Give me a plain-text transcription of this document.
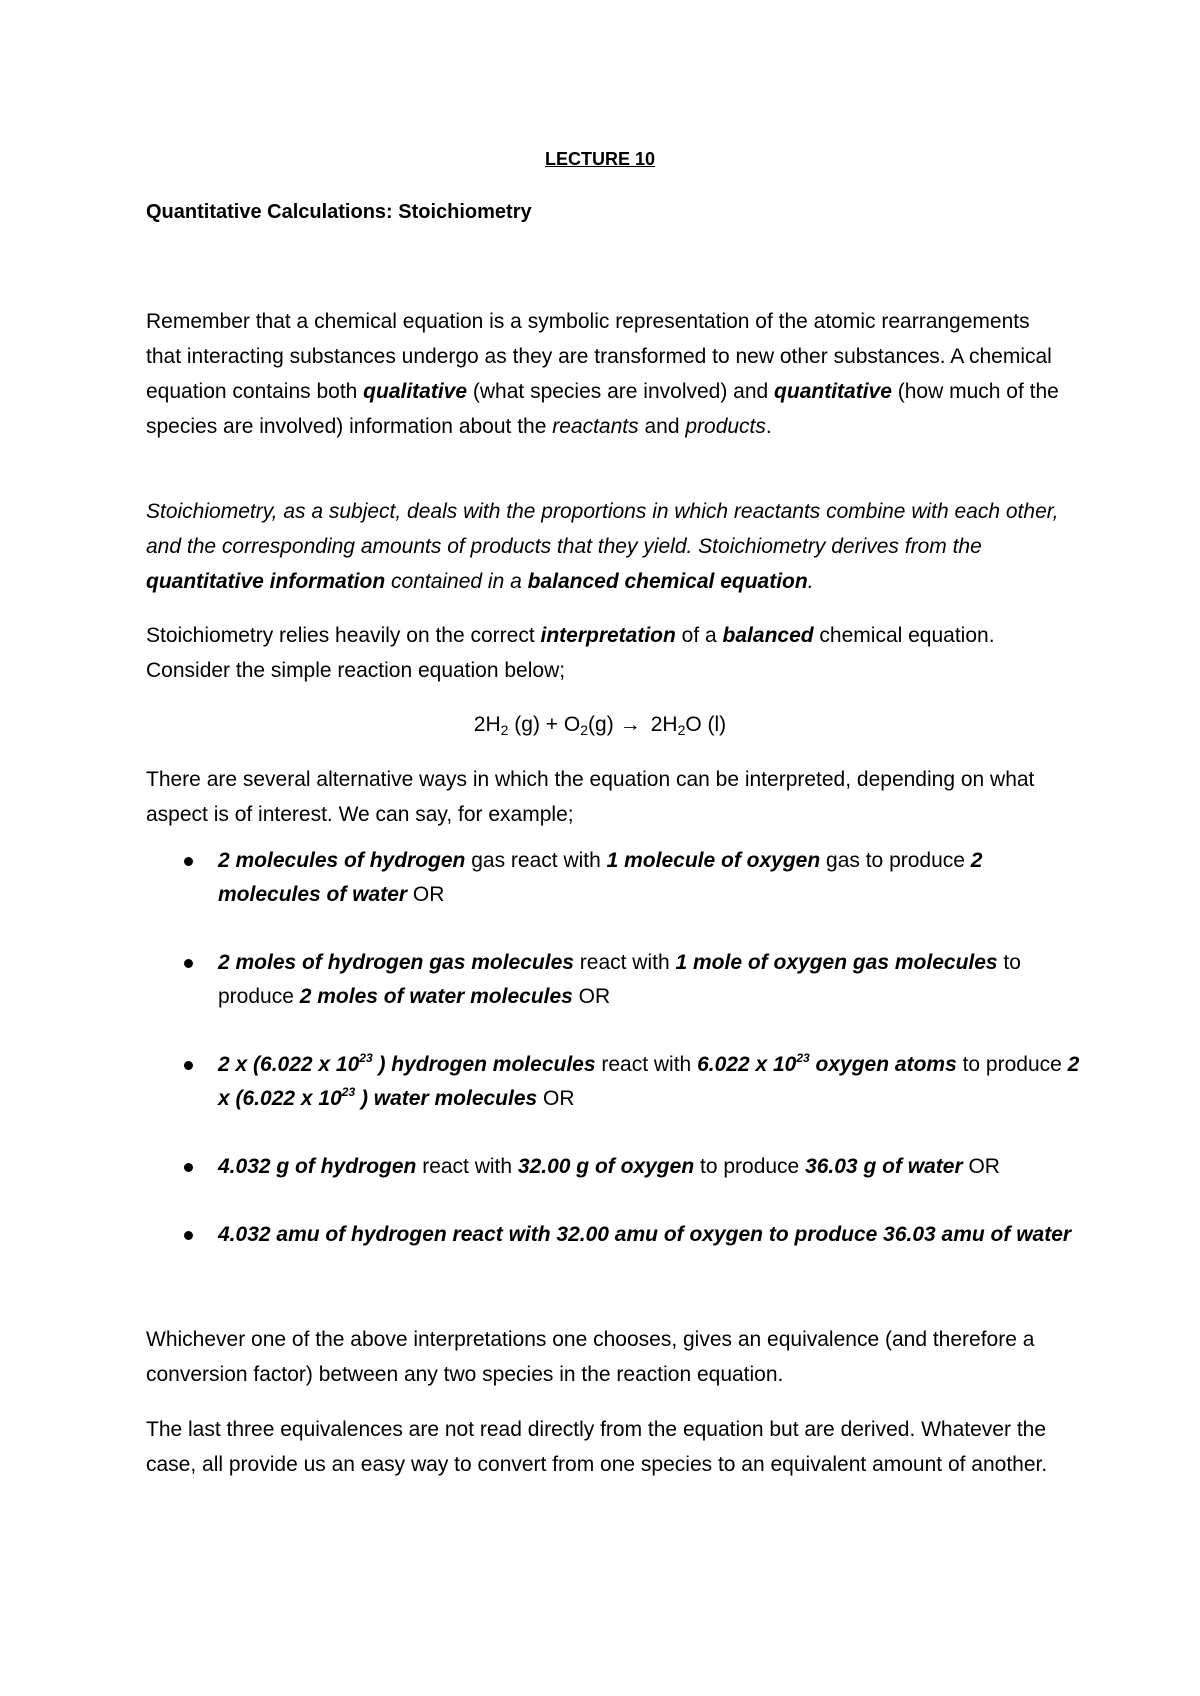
LECTURE 10
Quantitative Calculations: Stoichiometry

Remember that a chemical equation is a symbolic representation of the atomic rearrangements that interacting substances undergo as they are transformed to new other substances. A chemical equation contains both qualitative (what species are involved) and quantitative (how much of the species are involved) information about the reactants and products.

Stoichiometry, as a subject, deals with the proportions in which reactants combine with each other, and the corresponding amounts of products that they yield. Stoichiometry derives from the quantitative information contained in a balanced chemical equation.

Stoichiometry relies heavily on the correct interpretation of a balanced chemical equation. Consider the simple reaction equation below;

$2H_2$ $(g) + O_2(g) \to 2H_2O$ (l)

There are several alternative ways in which the equation can be interpreted, depending on what aspect is of interest. We can say, for example;

2 molecules of hydrogen gas react with 1 molecule of oxygen gas to produce 2 molecules of water OR
2 moles of hydrogen gas molecules react with 1 mole of oxygen gas molecules to produce 2 moles of water molecules OR
2 x (6.022 x $10^{23}$ ) hydrogen molecules react with 6.022 x $10^{23}$ oxygen atoms to produce 2 x (6.022 x $10^{23}$ ) water molecules OR
4.032 g of hydrogen react with 32.00 g of oxygen to produce 36.03 g of water OR
4.032 amu of hydrogen react with 32.00 amu of oxygen to produce 36.03 amu of water

Whichever one of the above interpretations one chooses, gives an equivalence (and therefore a conversion factor) between any two species in the reaction equation.

The last three equivalences are not read directly from the equation but are derived. Whatever the case, all provide us an easy way to convert from one species to an equivalent amount of another.
